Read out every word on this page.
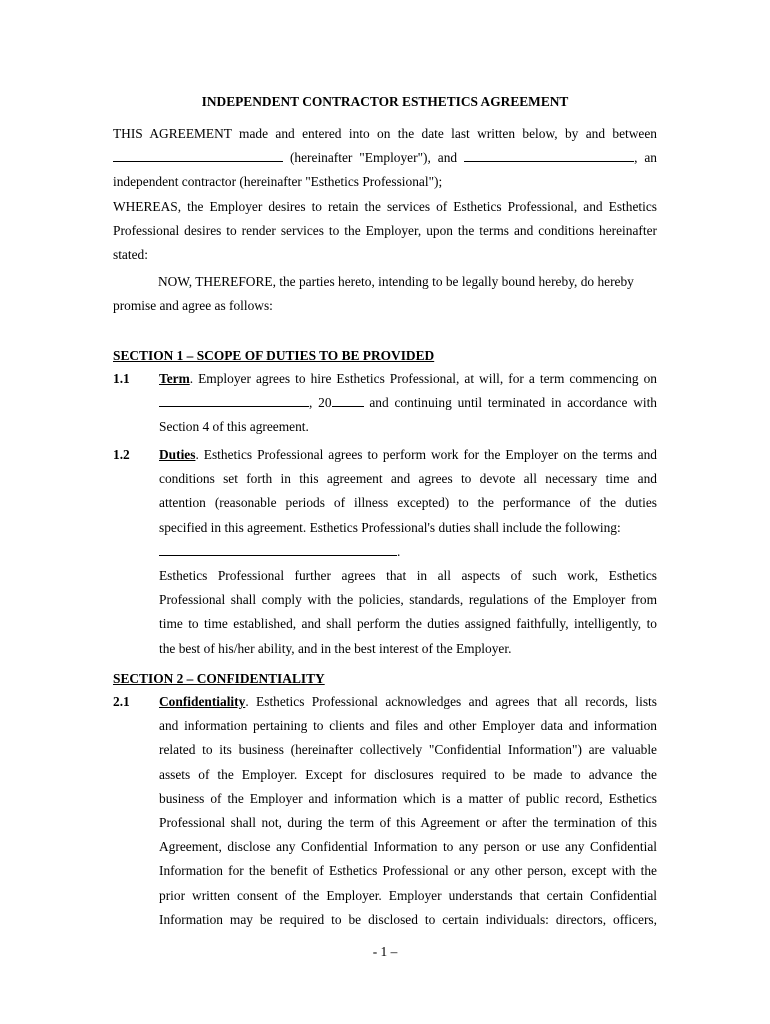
INDEPENDENT CONTRACTOR ESTHETICS AGREEMENT
THIS AGREEMENT made and entered into on the date last written below, by and between
(hereinafter "Employer"), and	, an
independent contractor (hereinafter "Esthetics Professional");
WHEREAS, the Employer desires to retain the services of Esthetics Professional, and Esthetics
Professional desires to render services to the Employer, upon the terms and conditions hereinafter
stated:
NOW, THEREFORE, the parties hereto, intending to be legally bound hereby, do hereby
promise and agree as follows:
SECTION 1 – SCOPE OF DUTIES TO BE PROVIDED
1.1 Term. Employer agrees to hire Esthetics Professional, at will, for a term commencing on
, 20	and continuing until terminated in accordance with
Section 4 of this agreement.
1.2 Duties. Esthetics Professional agrees to perform work for the Employer on the terms and
conditions set forth in this agreement and agrees to devote all necessary time and
attention (reasonable periods of illness excepted) to the performance of the duties
specified in this agreement. Esthetics Professional's duties shall include the following:
.
Esthetics Professional further agrees that in all aspects of such work, Esthetics
Professional shall comply with the policies, standards, regulations of the Employer from
time to time established, and shall perform the duties assigned faithfully, intelligently, to
the best of his/her ability, and in the best interest of the Employer.
SECTION 2 – CONFIDENTIALITY
2.1 Confidentiality. Esthetics Professional acknowledges and agrees that all records, lists
and information pertaining to clients and files and other Employer data and information
related to its business (hereinafter collectively "Confidential Information") are valuable
assets of the Employer. Except for disclosures required to be made to advance the
business of the Employer and information which is a matter of public record, Esthetics
Professional shall not, during the term of this Agreement or after the termination of this
Agreement, disclose any Confidential Information to any person or use any Confidential
Information for the benefit of Esthetics Professional or any other person, except with the
prior written consent of the Employer. Employer understands that certain Confidential
Information may be required to be disclosed to certain individuals: directors, officers,
- 1 –
